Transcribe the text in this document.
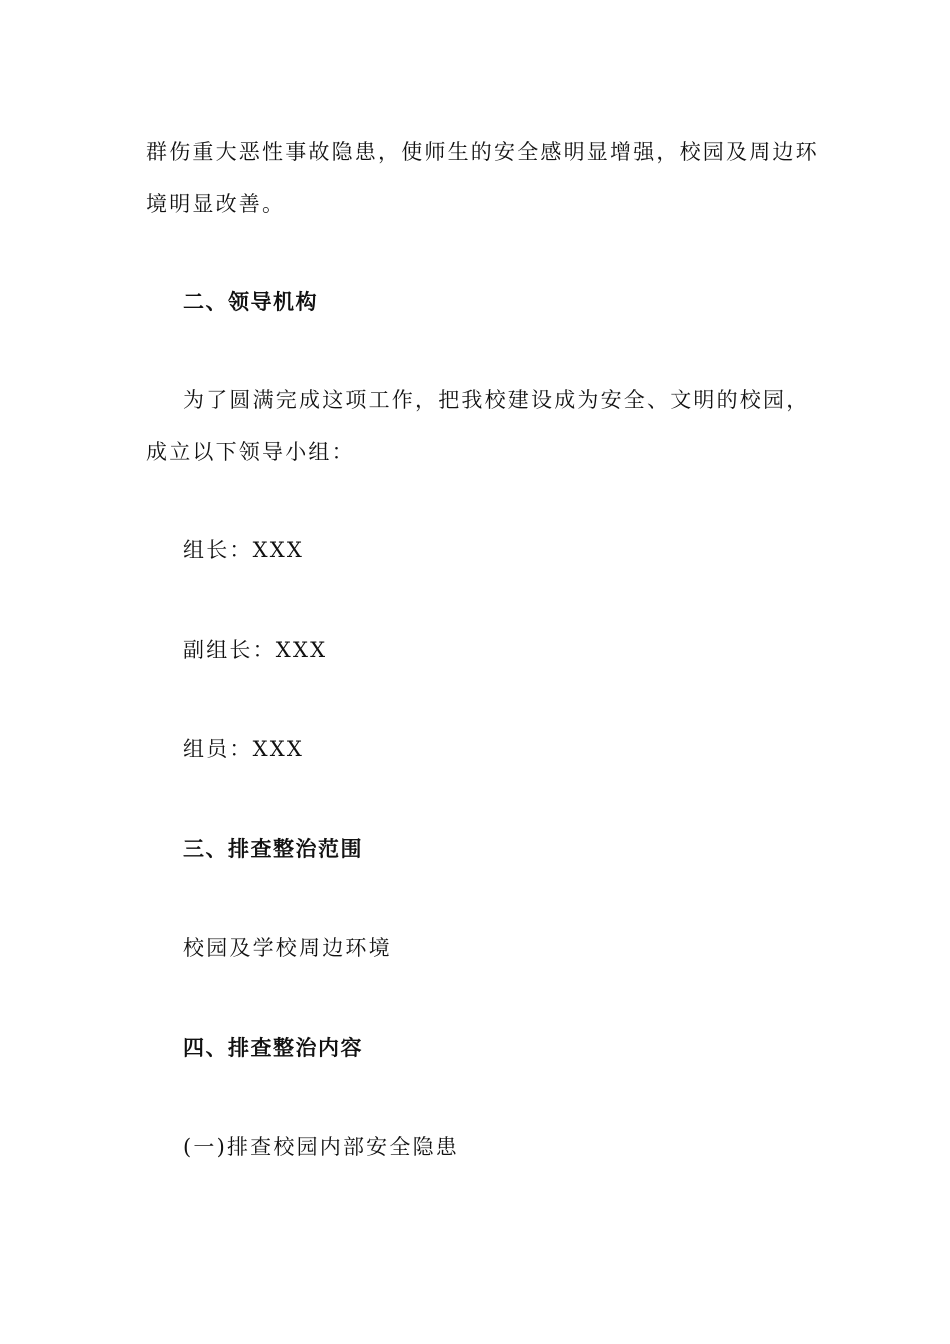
群伤重大恶性事故隐患，使师生的安全感明显增强，校园及周边环
境明显改善。
二、领导机构
为了圆满完成这项工作，把我校建设成为安全、文明的校园，
成立以下领导小组：
组长：XXX
副组长：XXX
组员：XXX
三、排查整治范围
校园及学校周边环境
四、排查整治内容
(一)排查校园内部安全隐患
